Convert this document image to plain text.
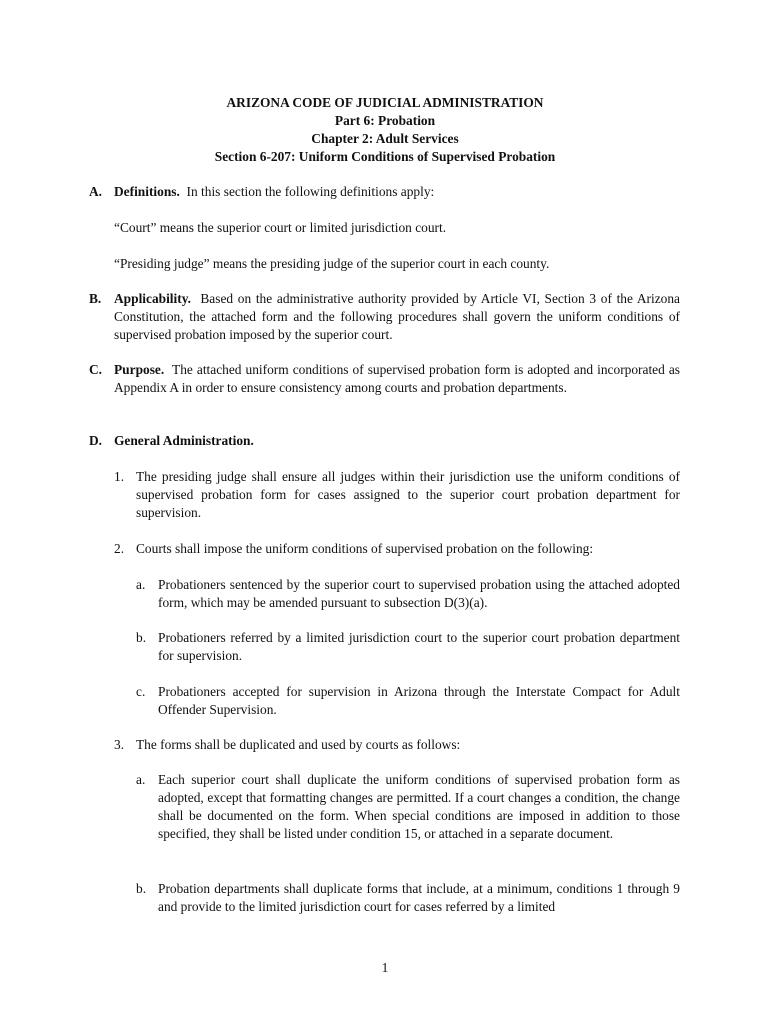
ARIZONA CODE OF JUDICIAL ADMINISTRATION
Part 6: Probation
Chapter 2: Adult Services
Section 6-207: Uniform Conditions of Supervised Probation
A. Definitions. In this section the following definitions apply:
“Court” means the superior court or limited jurisdiction court.
“Presiding judge” means the presiding judge of the superior court in each county.
B. Applicability. Based on the administrative authority provided by Article VI, Section 3 of the Arizona Constitution, the attached form and the following procedures shall govern the uniform conditions of supervised probation imposed by the superior court.
C. Purpose. The attached uniform conditions of supervised probation form is adopted and incorporated as Appendix A in order to ensure consistency among courts and probation departments.
D. General Administration.
1. The presiding judge shall ensure all judges within their jurisdiction use the uniform conditions of supervised probation form for cases assigned to the superior court probation department for supervision.
2. Courts shall impose the uniform conditions of supervised probation on the following:
a. Probationers sentenced by the superior court to supervised probation using the attached adopted form, which may be amended pursuant to subsection D(3)(a).
b. Probationers referred by a limited jurisdiction court to the superior court probation department for supervision.
c. Probationers accepted for supervision in Arizona through the Interstate Compact for Adult Offender Supervision.
3. The forms shall be duplicated and used by courts as follows:
a. Each superior court shall duplicate the uniform conditions of supervised probation form as adopted, except that formatting changes are permitted. If a court changes a condition, the change shall be documented on the form. When special conditions are imposed in addition to those specified, they shall be listed under condition 15, or attached in a separate document.
b. Probation departments shall duplicate forms that include, at a minimum, conditions 1 through 9 and provide to the limited jurisdiction court for cases referred by a limited
1
